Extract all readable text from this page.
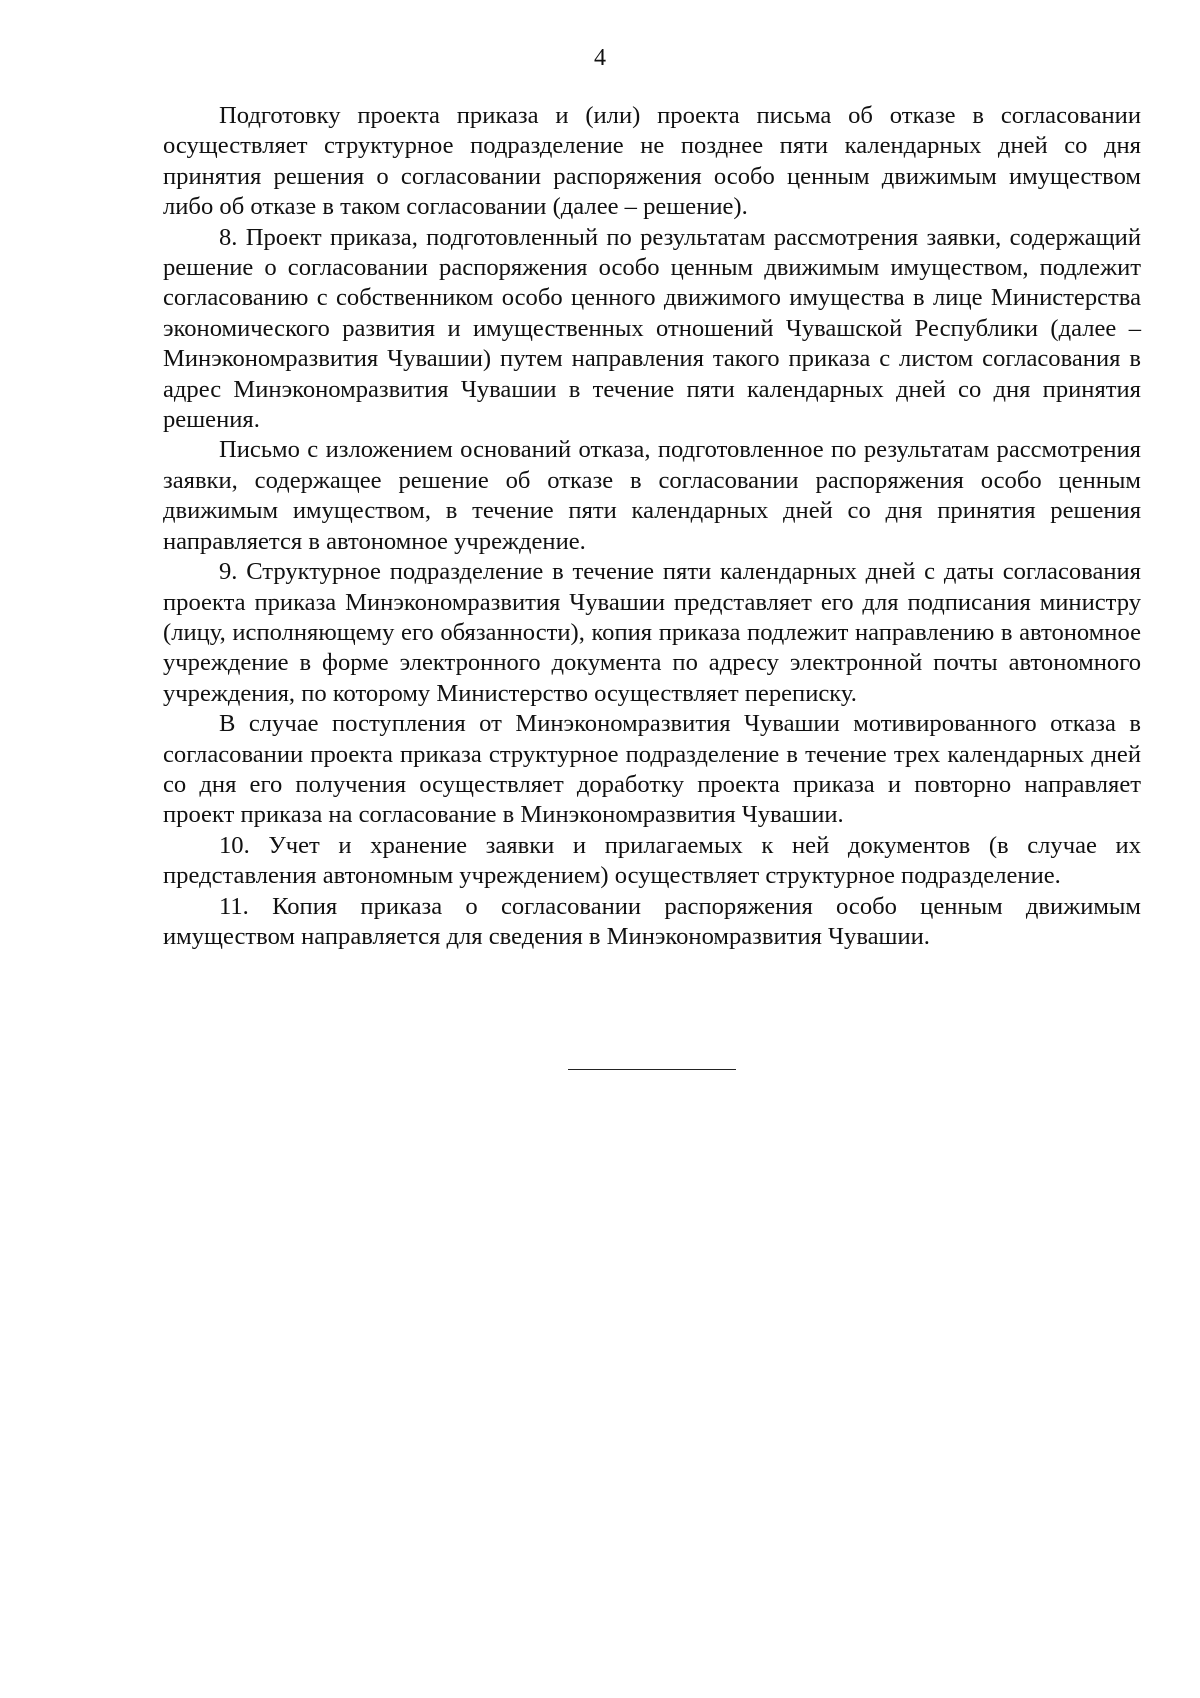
4

Подготовку проекта приказа и (или) проекта письма об отказе в согласовании осуществляет структурное подразделение не позднее пяти календарных дней со дня принятия решения о согласовании распоряжения особо ценным движимым имуществом либо об отказе в таком согласовании (далее – решение).

8. Проект приказа, подготовленный по результатам рассмотрения заявки, содержащий решение о согласовании распоряжения особо ценным движимым имуществом, подлежит согласованию с собственником особо ценного движимого имущества в лице Министерства экономического развития и имущественных отношений Чувашской Республики (далее – Минэкономразвития Чувашии) путем направления такого приказа с листом согласования в адрес Минэкономразвития Чувашии в течение пяти календарных дней со дня принятия решения.

Письмо с изложением оснований отказа, подготовленное по результатам рассмотрения заявки, содержащее решение об отказе в согласовании распоряжения особо ценным движимым имуществом, в течение пяти календарных дней со дня принятия решения направляется в автономное учреждение.

9. Структурное подразделение в течение пяти календарных дней с даты согласования проекта приказа Минэкономразвития Чувашии представляет его для подписания министру (лицу, исполняющему его обязанности), копия приказа подлежит направлению в автономное учреждение в форме электронного документа по адресу электронной почты автономного учреждения, по которому Министерство осуществляет переписку.

В случае поступления от Минэкономразвития Чувашии мотивированного отказа в согласовании проекта приказа структурное подразделение в течение трех календарных дней со дня его получения осуществляет доработку проекта приказа и повторно направляет проект приказа на согласование в Минэкономразвития Чувашии.

10. Учет и хранение заявки и прилагаемых к ней документов (в случае их представления автономным учреждением) осуществляет структурное подразделение.

11. Копия приказа о согласовании распоряжения особо ценным движимым имуществом направляется для сведения в Минэкономразвития Чувашии.
